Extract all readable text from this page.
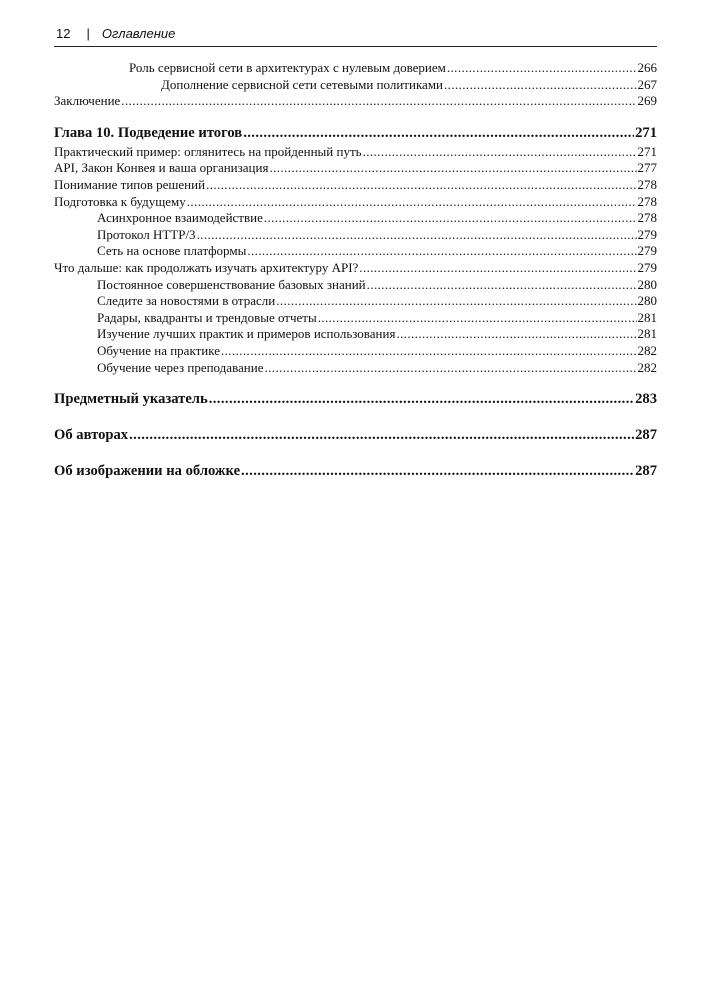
12 | Оглавление
Роль сервисной сети в архитектурах с нулевым доверием .....	266
Дополнение сервисной сети сетевыми политиками .....	267
Заключение .....	269
Глава 10. Подведение итогов .....	271
Практический пример: оглянитесь на пройденный путь .....	271
API, Закон Конвея и ваша организация .....	277
Понимание типов решений .....	278
Подготовка к будущему .....	278
Асинхронное взаимодействие .....	278
Протокол HTTP/3 .....	279
Сеть на основе платформы .....	279
Что дальше: как продолжать изучать архитектуру API? .....	279
Постоянное совершенствование базовых знаний .....	280
Следите за новостями в отрасли .....	280
Радары, квадранты и трендовые отчеты .....	281
Изучение лучших практик и примеров использования .....	281
Обучение на практике .....	282
Обучение через преподавание .....	282
Предметный указатель .....	283
Об авторах .....	287
Об изображении на обложке .....	287
